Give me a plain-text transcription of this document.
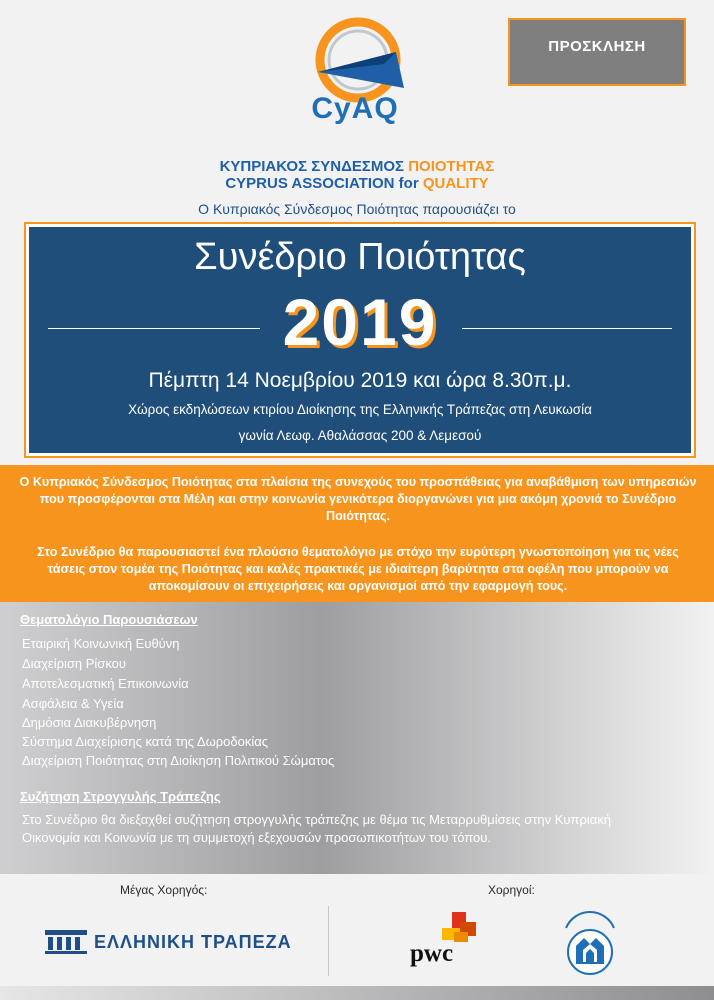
ΠΡΟΣΚΛΗΣΗ
CyAQ
ΚΥΠΡΙΑΚΟΣ ΣΥΝΔΕΣΜΟΣ ΠΟΙΟΤΗΤΑΣ
CYPRUS ASSOCIATION for QUALITY
Ο Κυπριακός Σύνδεσμος Ποιότητας παρουσιάζει το
Συνέδριο Ποιότητας
2019
Πέμπτη 14 Νοεμβρίου 2019 και ώρα 8.30π.μ.
Χώρος εκδηλώσεων κτιρίου Διοίκησης της Ελληνικής Τράπεζας στη Λευκωσία
γωνία Λεωφ. Αθαλάσσας 200 & Λεμεσού
Ο Κυπριακός Σύνδεσμος Ποιότητας στα πλαίσια της συνεχούς του προσπάθειας για αναβάθμιση των υπηρεσιών που προσφέρονται στα Μέλη και στην κοινωνία γενικότερα διοργανώνει για μια ακόμη χρονιά το Συνέδριο Ποιότητας.
Στο Συνέδριο θα παρουσιαστεί ένα πλούσιο θεματολόγιο με στόχο την ευρύτερη γνωστοποίηση για τις νέες τάσεις στον τομέα της Ποιότητας και καλές πρακτικές με ιδιαίτερη βαρύτητα στα οφέλη που μπορούν να αποκομίσουν οι επιχειρήσεις και οργανισμοί από την εφαρμογή τους.
Θεματολόγιο Παρουσιάσεων
Εταιρική Κοινωνική Ευθύνη
Διαχείριση Ρίσκου
Αποτελεσματική Επικοινωνία
Ασφάλεια & Υγεία
Δημόσια Διακυβέρνηση
Σύστημα Διαχείρισης κατά της Δωροδοκίας
Διαχείριση Ποιότητας στη Διοίκηση Πολιτικού Σώματος
Συζήτηση Στρογγυλής Τράπεζης
Στο Συνέδριο θα διεξαχθεί συζήτηση στρογγυλής τράπεζης με θέμα τις Μεταρρυθμίσεις στην Κυπριακή Οικονομία και Κοινωνία με τη συμμετοχή εξεχουσών προσωπικοτήτων του τόπου.
Μέγας Χορηγός:	Χορηγοί:
ΕΛΛΗΝΙΚΗ ΤΡΑΠΕΖΑ	pwc
